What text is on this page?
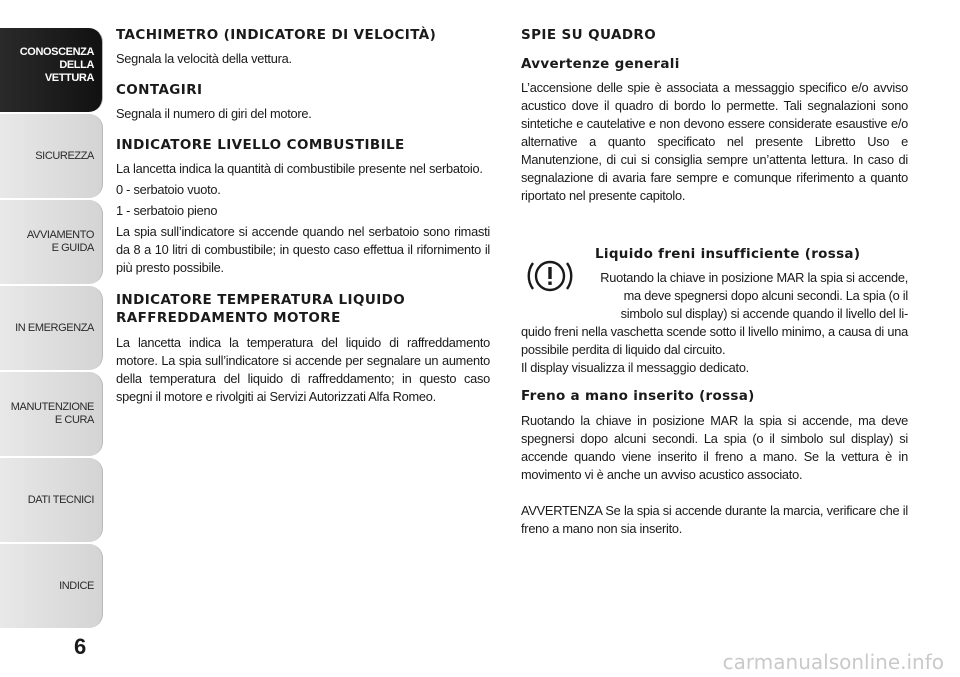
CONOSCENZA
DELLA
VETTURA
SICUREZZA
AVVIAMENTO
E GUIDA
IN EMERGENZA
MANUTENZIONE
E CURA
DATI TECNICI
INDICE
6
TACHIMETRO (INDICATORE DI VELOCITÀ)

Segnala la velocità della vettura.

CONTAGIRI

Segnala il numero di giri del motore.

INDICATORE LIVELLO COMBUSTIBILE

La lancetta indica la quantità di combustibile presente nel serbatoio.

0 - serbatoio vuoto.

1 - serbatoio pieno

La spia sull’indicatore si accende quando nel serbatoio sono rimasti da 8 a 10 litri di combustibile; in questo caso effettua il rifornimento il più presto possibile.

INDICATORE TEMPERATURA LIQUIDO
RAFFREDDAMENTO MOTORE

La lancetta indica la temperatura del liquido di raffreddamento motore. La spia sull’indicatore si accende per segnalare un aumento della temperatura del liquido di raffreddamento; in questo caso spegni il motore e rivolgiti ai Servizi Autorizzati Alfa Romeo.

SPIE SU QUADRO
Avvertenze generali

L’accensione delle spie è associata a messaggio specifico e/o avviso acustico dove il quadro di bordo lo permette. Tali segnalazioni sono sintetiche e cautelative e non devono essere considerate esaustive e/o alternative a quanto specificato nel presente Libretto Uso e Manutenzione, di cui si consiglia sempre un’attenta lettura. In caso di segnalazione di avaria fare sempre e comunque riferimento a quanto riportato nel presente capitolo.

Liquido freni insufficiente (rossa)

Ruotando la chiave in posizione MAR la spia si accende,

ma deve spegnersi dopo alcuni secondi. La spia (o il

simbolo sul display) si accende quando il livello del li-

quido freni nella vaschetta scende sotto il livello minimo, a causa di una possibile perdita di liquido dal circuito.

Il display visualizza il messaggio dedicato.

Freno a mano inserito (rossa)

Ruotando la chiave in posizione MAR la spia si accende, ma deve spegnersi dopo alcuni secondi. La spia (o il simbolo sul display) si accende quando viene inserito il freno a mano. Se la vettura è in movimento vi è anche un avviso acustico associato.

AVVERTENZA Se la spia si accende durante la marcia, verificare che il freno a mano non sia inserito.

carmanualsonline.info
